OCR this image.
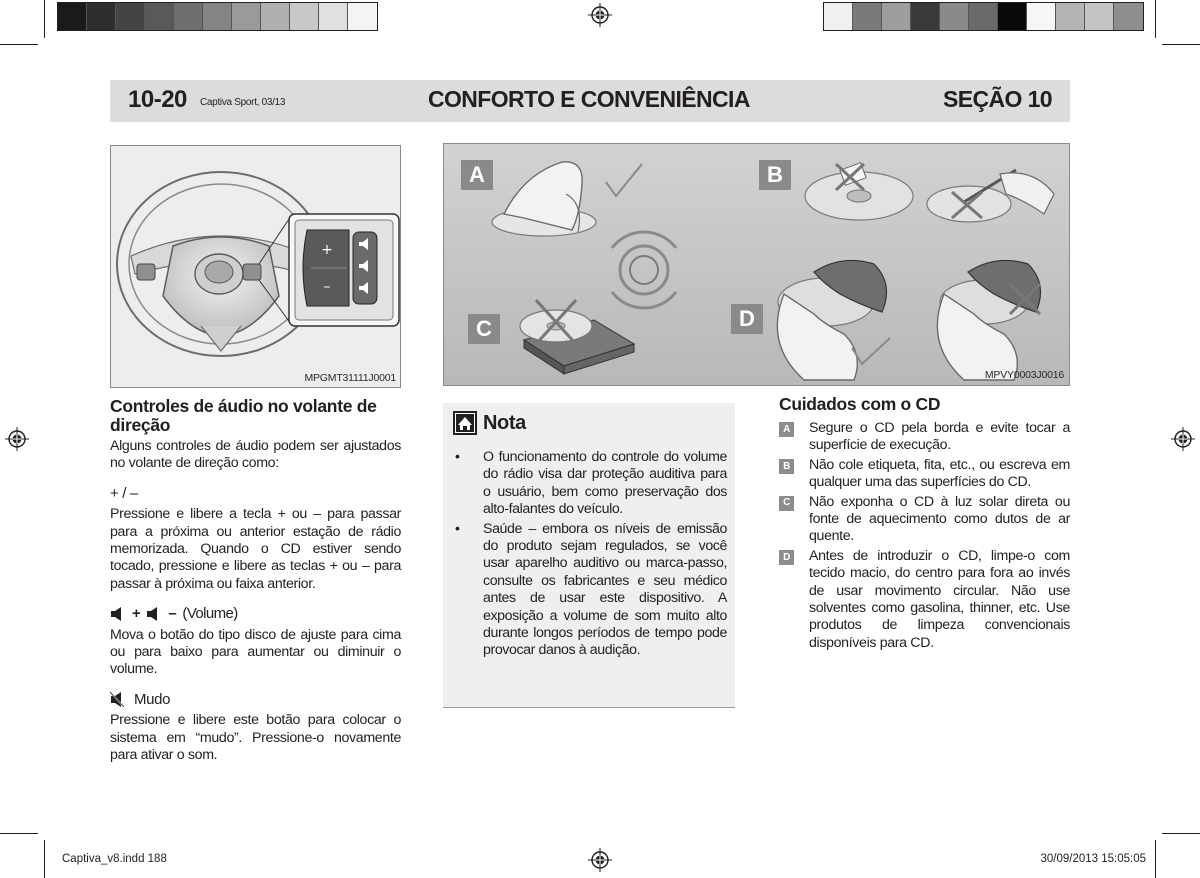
10-20 Captiva Sport, 03/13	CONFORTO E CONVENIÊNCIA	SEÇÃO 10
+
–
MPGMT31111J0001
A	B
C	D
MPVY0003J0016
Controles de áudio no volante de direção
Alguns controles de áudio podem ser ajustados no volante de direção como:
+ / –
Pressione e libere a tecla + ou – para passar para a próxima ou anterior estação de rádio memorizada. Quando o CD estiver sendo tocado, pressione e libere as teclas + ou – para passar à próxima ou faixa anterior.
+ – (Volume)
Mova o botão do tipo disco de ajuste para cima ou para baixo para aumentar ou diminuir o volume.
Mudo
Pressione e libere este botão para colocar o sistema em “mudo”. Pressione-o novamente para ativar o som.
Nota
•	O funcionamento do controle do volume do rádio visa dar proteção auditiva para o usuário, bem como preservação dos alto-falantes do veículo.
•	Saúde – embora os níveis de emissão do produto sejam regulados, se você usar aparelho auditivo ou marca-passo, consulte os fabricantes e seu médico antes de usar este dispositivo. A exposição a volume de som muito alto durante longos períodos de tempo pode provocar danos à audição.
Cuidados com o CD
A Segure o CD pela borda e evite tocar a superfície de execução.
B Não cole etiqueta, fita, etc., ou escreva em qualquer uma das superfícies do CD.
C Não exponha o CD à luz solar direta ou fonte de aquecimento como dutos de ar quente.
D Antes de introduzir o CD, limpe-o com tecido macio, do centro para fora ao invés de usar movimento circular. Não use solventes como gasolina, thinner, etc. Use produtos de limpeza convencionais disponíveis para CD.
Captiva_v8.indd 188	30/09/2013 15:05:05
